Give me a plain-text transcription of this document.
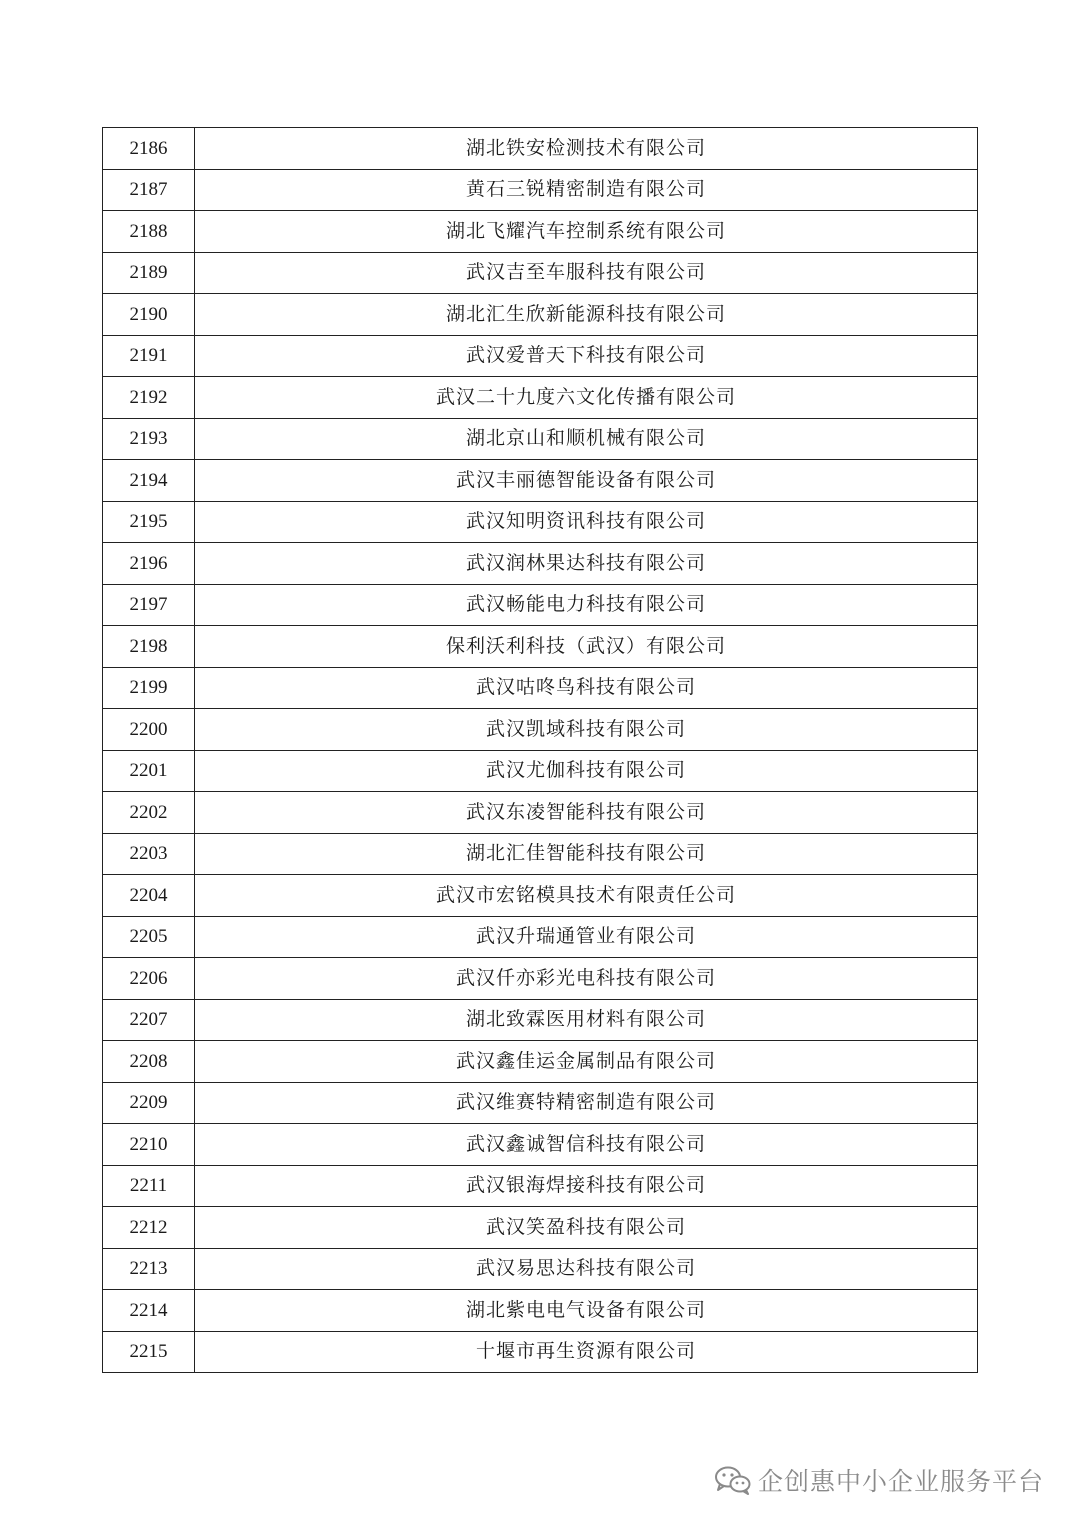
2186	湖北铁安检测技术有限公司
2187	黄石三锐精密制造有限公司
2188	湖北飞耀汽车控制系统有限公司
2189	武汉吉至车服科技有限公司
2190	湖北汇生欣新能源科技有限公司
2191	武汉爱普天下科技有限公司
2192	武汉二十九度六文化传播有限公司
2193	湖北京山和顺机械有限公司
2194	武汉丰丽德智能设备有限公司
2195	武汉知明资讯科技有限公司
2196	武汉润林果达科技有限公司
2197	武汉畅能电力科技有限公司
2198	保利沃利科技（武汉）有限公司
2199	武汉咕咚鸟科技有限公司
2200	武汉凯域科技有限公司
2201	武汉尤伽科技有限公司
2202	武汉东凌智能科技有限公司
2203	湖北汇佳智能科技有限公司
2204	武汉市宏铭模具技术有限责任公司
2205	武汉升瑞通管业有限公司
2206	武汉仟亦彩光电科技有限公司
2207	湖北致霖医用材料有限公司
2208	武汉鑫佳运金属制品有限公司
2209	武汉维赛特精密制造有限公司
2210	武汉鑫诚智信科技有限公司
2211	武汉银海焊接科技有限公司
2212	武汉笑盈科技有限公司
2213	武汉易思达科技有限公司
2214	湖北紫电电气设备有限公司
2215	十堰市再生资源有限公司
企创惠中小企业服务平台
